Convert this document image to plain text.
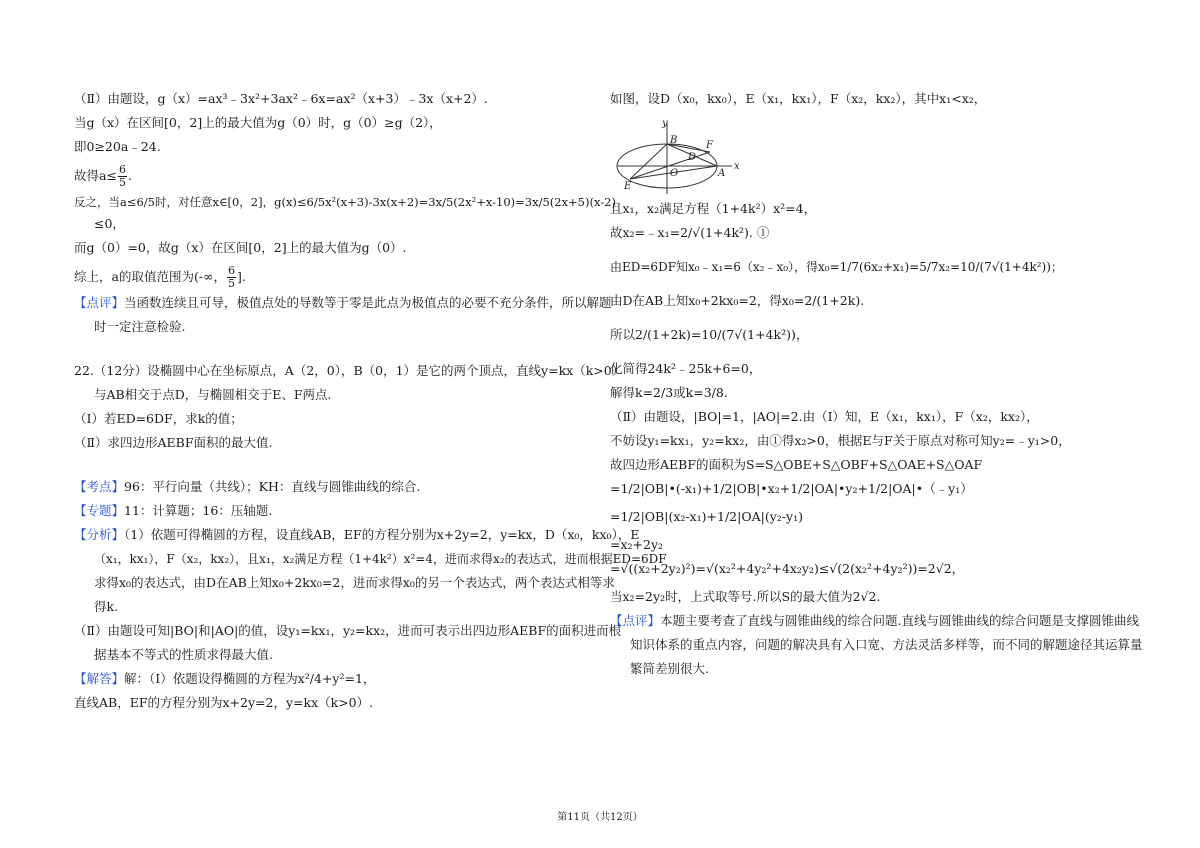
（Ⅱ）由题设，g（x）=ax³﹣3x²+3ax²﹣6x=ax²（x+3）﹣3x（x+2）.

当g（x）在区间[0，2]上的最大值为g（0）时，g（0）≥g（2），

即0≥20a﹣24.

故得$a\le \frac{6}{5}$ .

反之，当a≤6/5时，对任意x∈[0，2]，g(x)≤6/5x²(x+3)-3x(x+2)=3x/5(2x²+x-10)=3x/5(2x+5)(x-2)

≤0，

而g（0）=0，故g（x）在区间[0，2]上的最大值为g（0）.

综上，a的取值范围为(-∞， $\frac{6}{5}$ ].

【点评】当函数连续且可导，极值点处的导数等于零是此点为极值点的必要不充分条件，所以解题

时一定注意检验.

22.（12分）设椭圆中心在坐标原点，A（2，0），B（0，1）是它的两个顶点，直线y=kx（k>0）

与AB相交于点D，与椭圆相交于E、F两点.

（Ⅰ）若ED=6DF，求k的值；

（Ⅱ）求四边形AEBF面积的最大值.

【考点】96：平行向量（共线）；KH：直线与圆锥曲线的综合.

【专题】11：计算题；16：压轴题.

【分析】（1）依题可得椭圆的方程，设直线AB，EF的方程分别为x+2y=2，y=kx，D（x₀，kx₀），E

（x₁，kx₁），F（x₂，kx₂），且x₁，x₂满足方程（1+4k²）x²=4，进而求得x₂的表达式，进而根据ED=6DF

求得x₀的表达式，由D在AB上知x₀+2kx₀=2，进而求得x₀的另一个表达式，两个表达式相等求

得k.

（Ⅱ）由题设可知|BO|和|AO|的值，设y₁=kx₁，y₂=kx₂，进而可表示出四边形AEBF的面积进而根

据基本不等式的性质求得最大值.

【解答】解：（Ⅰ）依题设得椭圆的方程为x²/4+y²=1，

直线AB，EF的方程分别为x+2y=2，y=kx（k>0）.

如图，设D（x₀，kx₀），E（x₁，kx₁），F（x₂，kx₂），其中x₁<x₂，

y
x
B	F
D
O	A
E

且x₁，x₂满足方程（1+4k²）x²=4，

故x₂=﹣x₁=2/√(1+4k²). ①

由ED=6DF知x₀﹣x₁=6（x₂﹣x₀），得x₀=1/7(6x₂+x₁)=5/7x₂=10/(7√(1+4k²))；

由D在AB上知x₀+2kx₀=2，得x₀=2/(1+2k).

所以2/(1+2k)=10/(7√(1+4k²))，

化简得24k²﹣25k+6=0，

解得k=2/3或k=3/8.

（Ⅱ）由题设，|BO|=1，|AO|=2.由（Ⅰ）知，E（x₁，kx₁），F（x₂，kx₂），

不妨设y₁=kx₁，y₂=kx₂，由①得x₂>0，根据E与F关于原点对称可知y₂=﹣y₁>0，

故四边形AEBF的面积为S=S△OBE+S△OBF+S△OAE+S△OAF

=1/2|OB|•(-x₁)+1/2|OB|•x₂+1/2|OA|•y₂+1/2|OA|•（﹣y₁）

=1/2|OB|(x₂-x₁)+1/2|OA|(y₂-y₁)

=x₂+2y₂

=√((x₂+2y₂)²)=√(x₂²+4y₂²+4x₂y₂)≤√(2(x₂²+4y₂²))=2√2，

当x₂=2y₂时，上式取等号.所以S的最大值为2√2.

【点评】本题主要考查了直线与圆锥曲线的综合问题.直线与圆锥曲线的综合问题是支撑圆锥曲线

知识体系的重点内容，问题的解决具有入口宽、方法灵活多样等，而不同的解题途径其运算量

繁简差别很大.

第11页（共12页）
